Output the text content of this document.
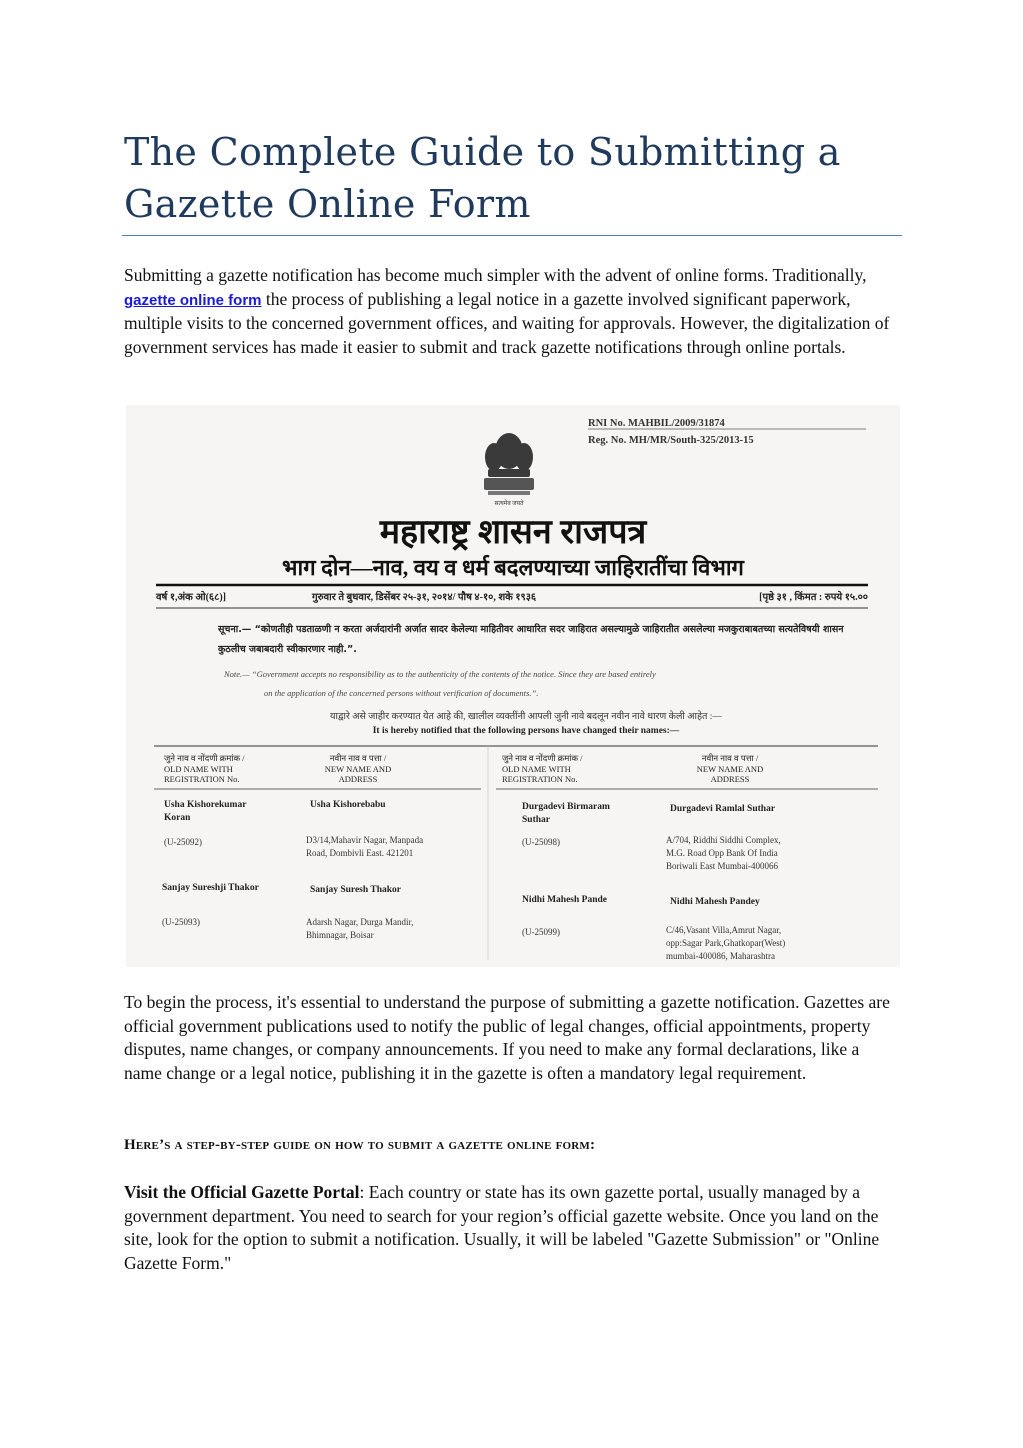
The Complete Guide to Submitting a Gazette Online Form

Submitting a gazette notification has become much simpler with the advent of online forms. Traditionally, gazette online form the process of publishing a legal notice in a gazette involved significant paperwork, multiple visits to the concerned government offices, and waiting for approvals. However, the digitalization of government services has made it easier to submit and track gazette notifications through online portals.

RNI No. MAHBIL/2009/31874
Reg. No. MH/MR/South-325/2013-15
सत्यमेव जयते
महाराष्ट्र शासन राजपत्र
भाग दोन—नाव, वय व धर्म बदलण्याच्या जाहिरातींचा विभाग
वर्ष १,अंक ओ(६८)]	गुरुवार ते बुधवार, डिसेंबर २५-३१, २०१४/ पौष ४-१०, शके १९३६	[पृष्ठे ३१ , किंमत : रुपये १५.००
सूचना.— “कोणतीही पडताळणी न करता अर्जदारांनी अर्जात सादर केलेल्या माहितीवर आधारित सदर जाहिरात असल्यामुळे जाहिरातीत असलेल्या मजकुराबाबतच्या सत्यतेविषयी शासन कुठलीच जबाबदारी स्वीकारणार नाही.”.
Note.— “Government accepts no responsibility as to the authenticity of the contents of the notice. Since they are based entirely
on the application of the concerned persons without verification of documents.”.
याद्वारे असे जाहीर करण्यात येत आहे की, खालील व्यक्तींनी आपली जुनी नावे बदलून नवीन नावे धारण केली आहेत :—
It is hereby notified that the following persons have changed their names:—
जुने नाव व नोंदणी क्रमांक /
OLD NAME WITH
REGISTRATION No.
नवीन नाव व पत्ता /
NEW NAME AND
ADDRESS
जुने नाव व नोंदणी क्रमांक /
OLD NAME WITH
REGISTRATION No.
नवीन नाव व पत्ता /
NEW NAME AND
ADDRESS
Usha Kishorekumar
Koran
(U-25092)
Usha Kishorebabu
D3/14,Mahavir Nagar, Manpada
Road, Dombivli East. 421201
Sanjay Sureshji Thakor
(U-25093)
Sanjay Suresh Thakor
Adarsh Nagar, Durga Mandir,
Bhimnagar, Boisar
Durgadevi Birmaram
Suthar
(U-25098)
Durgadevi Ramlal Suthar
A/704, Riddhi Siddhi Complex,
M.G. Road Opp Bank Of India
Boriwali East Mumbai-400066
Nidhi Mahesh Pande
(U-25099)
Nidhi Mahesh Pandey
C/46,Vasant Villa,Amrut Nagar,
opp:Sagar Park,Ghatkopar(West)
mumbai-400086, Maharashtra

To begin the process, it's essential to understand the purpose of submitting a gazette notification. Gazettes are official government publications used to notify the public of legal changes, official appointments, property disputes, name changes, or company announcements. If you need to make any formal declarations, like a name change or a legal notice, publishing it in the gazette is often a mandatory legal requirement.

Here’s a step-by-step guide on how to submit a gazette online form:

Visit the Official Gazette Portal: Each country or state has its own gazette portal, usually managed by a government department. You need to search for your region’s official gazette website. Once you land on the site, look for the option to submit a notification. Usually, it will be labeled "Gazette Submission" or "Online Gazette Form."
